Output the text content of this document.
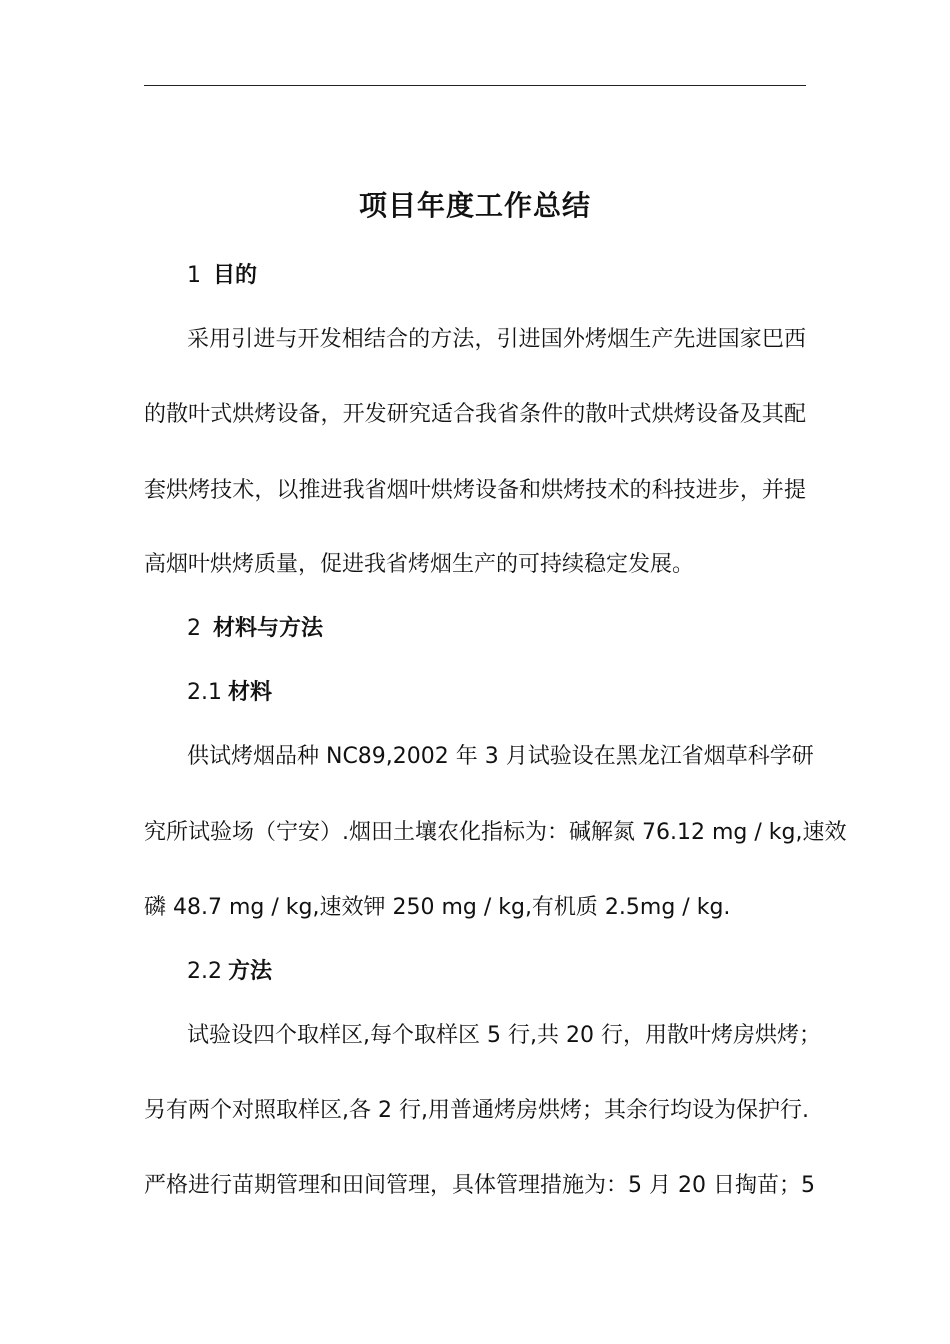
项目年度工作总结
1 目的
采用引进与开发相结合的方法，引进国外烤烟生产先进国家巴西
的散叶式烘烤设备，开发研究适合我省条件的散叶式烘烤设备及其配
套烘烤技术，以推进我省烟叶烘烤设备和烘烤技术的科技进步，并提
高烟叶烘烤质量，促进我省烤烟生产的可持续稳定发展。
2 材料与方法
2.1 材料
供试烤烟品种 NC89,2002 年 3 月试验设在黑龙江省烟草科学研
究所试验场（宁安）.烟田土壤农化指标为：碱解氮 76.12 mg / kg,速效
磷 48.7 mg / kg,速效钾 250 mg / kg,有机质 2.5mg / kg.
2.2 方法
试验设四个取样区,每个取样区 5 行,共 20 行，用散叶烤房烘烤；
另有两个对照取样区,各 2 行,用普通烤房烘烤；其余行均设为保护行.
严格进行苗期管理和田间管理，具体管理措施为：5 月 20 日掏苗；5
